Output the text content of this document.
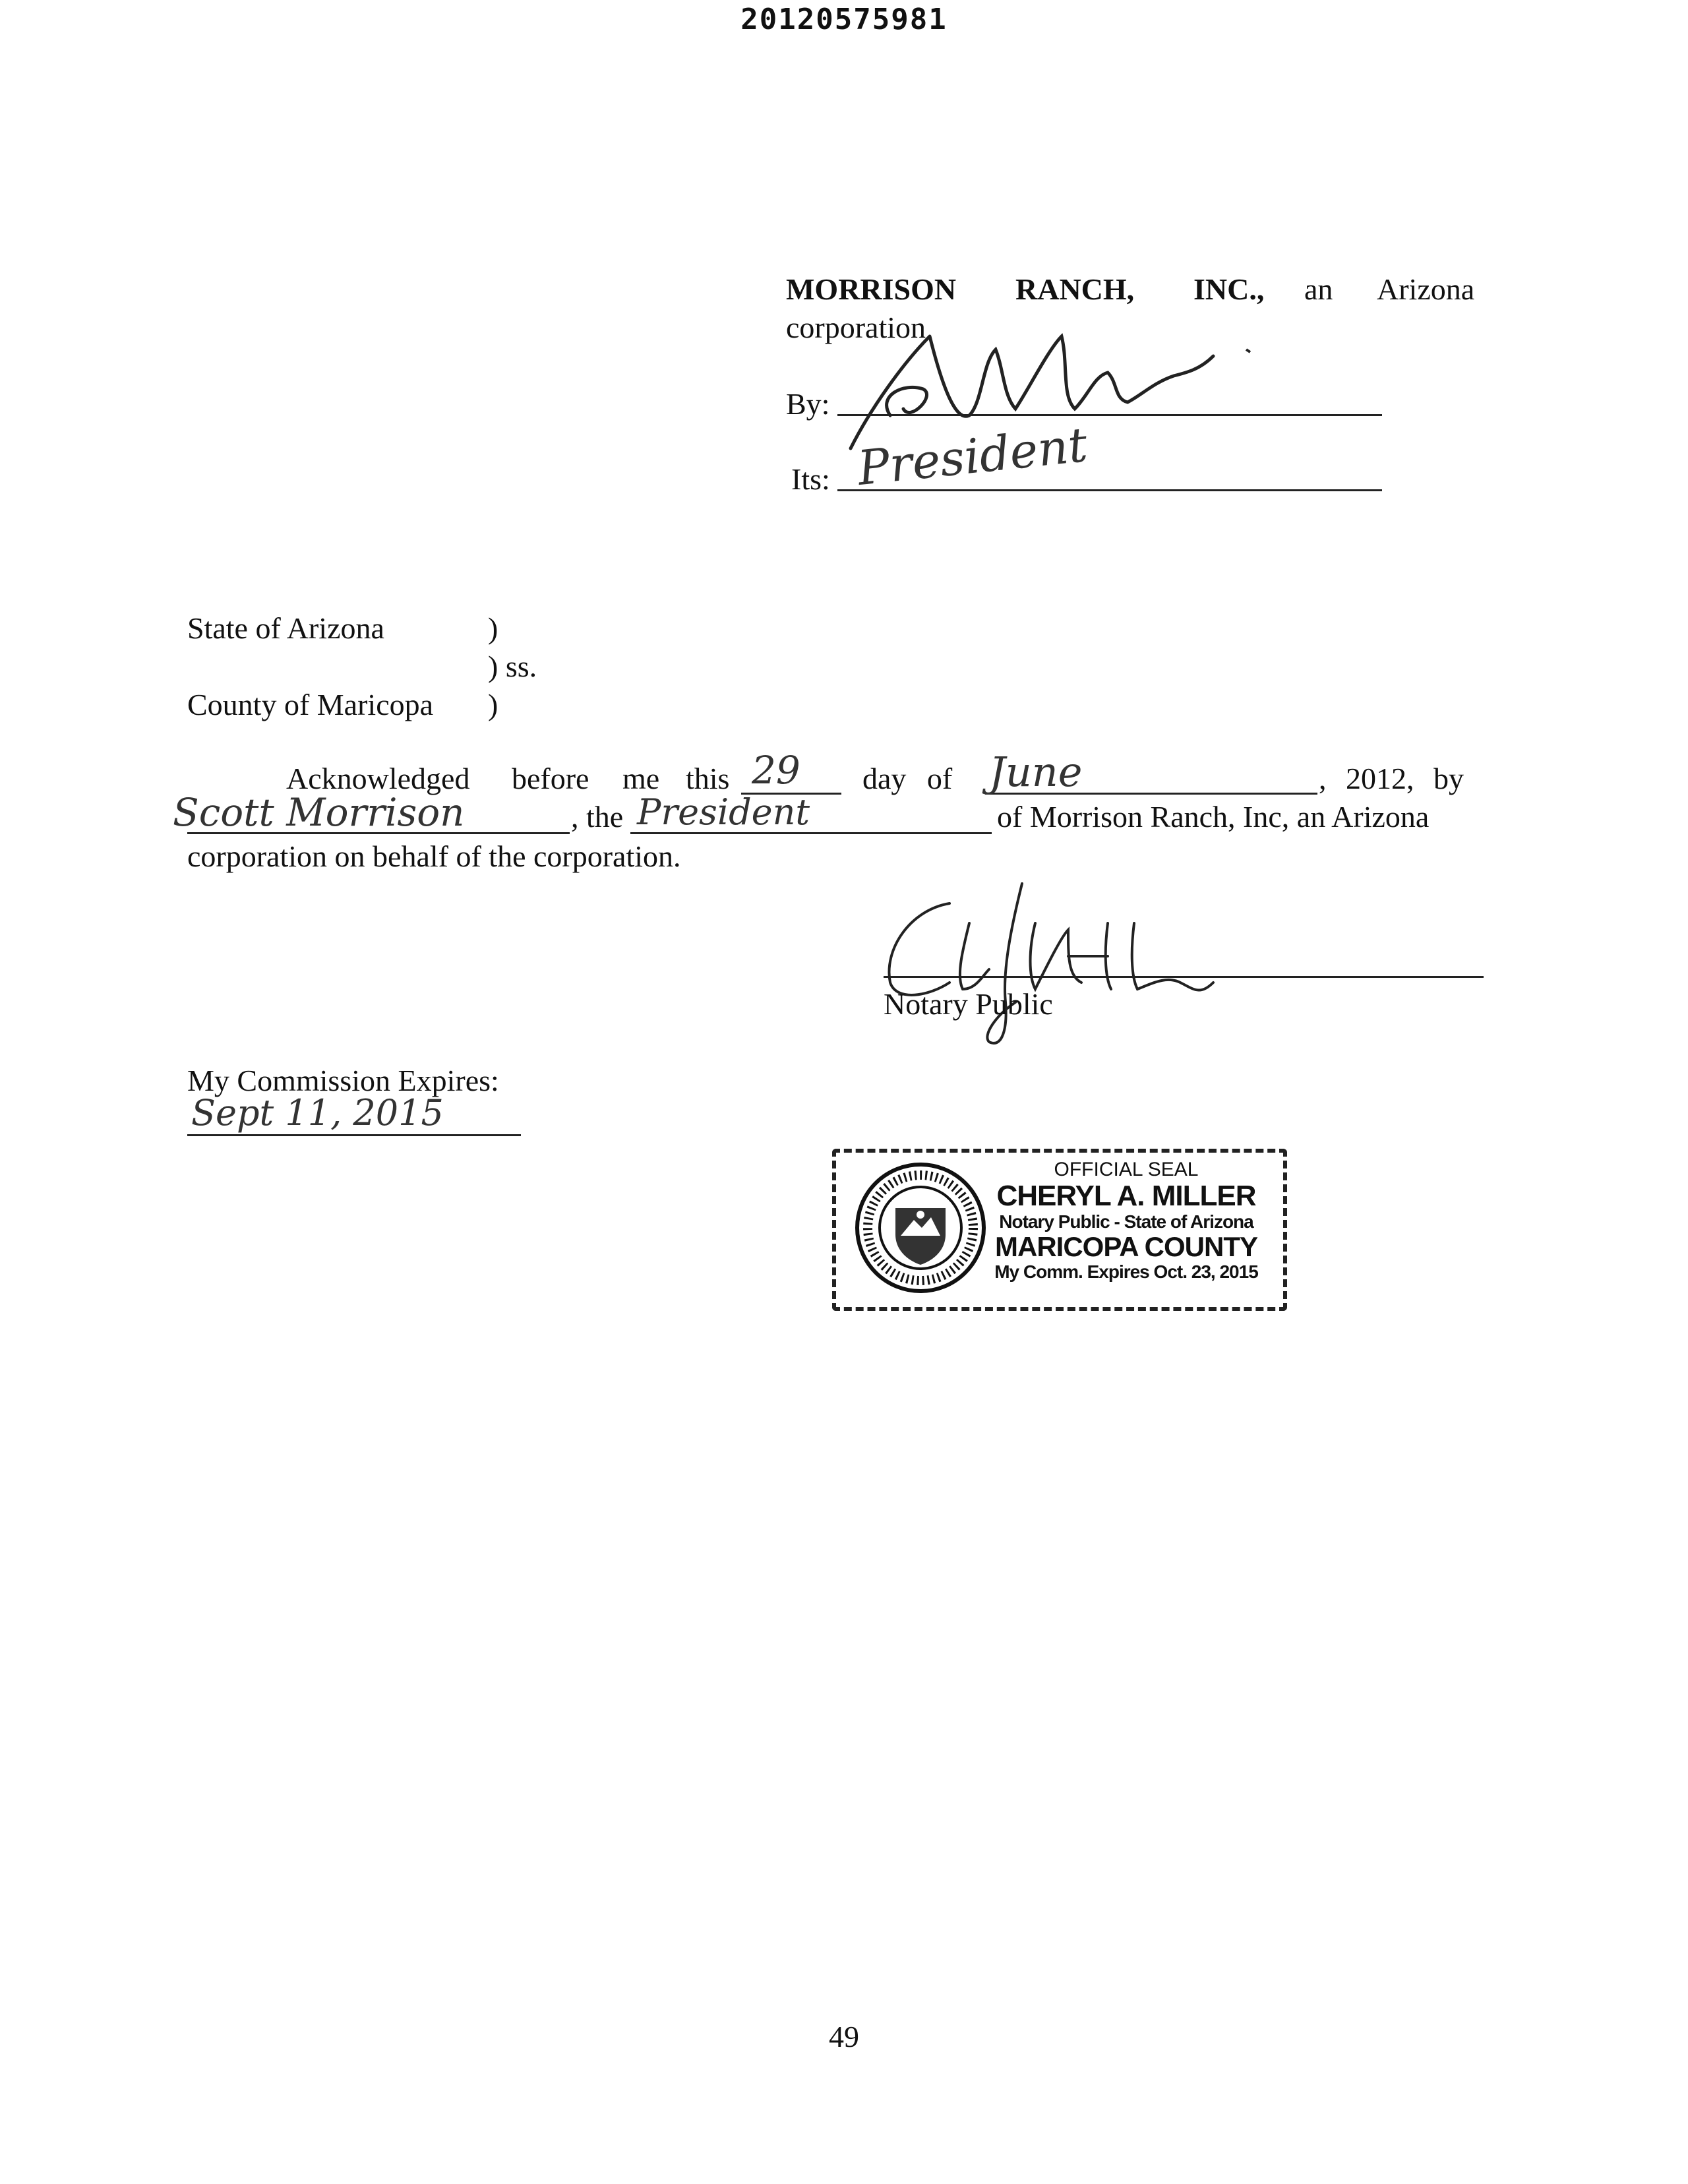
20120575981
MORRISON RANCH, INC., an Arizona
corporation
By:
Its: President
State of Arizona	)
) ss.
County of Maricopa )
Acknowledged before me this 29 day of June	, 2012, by
Scott Morrison	, the President	of Morrison Ranch, Inc, an Arizona
corporation on behalf of the corporation.
Notary Public
My Commission Expires:
Sept 11, 2015
OFFICIAL SEAL
CHERYL A. MILLER
Notary Public - State of Arizona
MARICOPA COUNTY
My Comm. Expires Oct. 23, 2015
49
